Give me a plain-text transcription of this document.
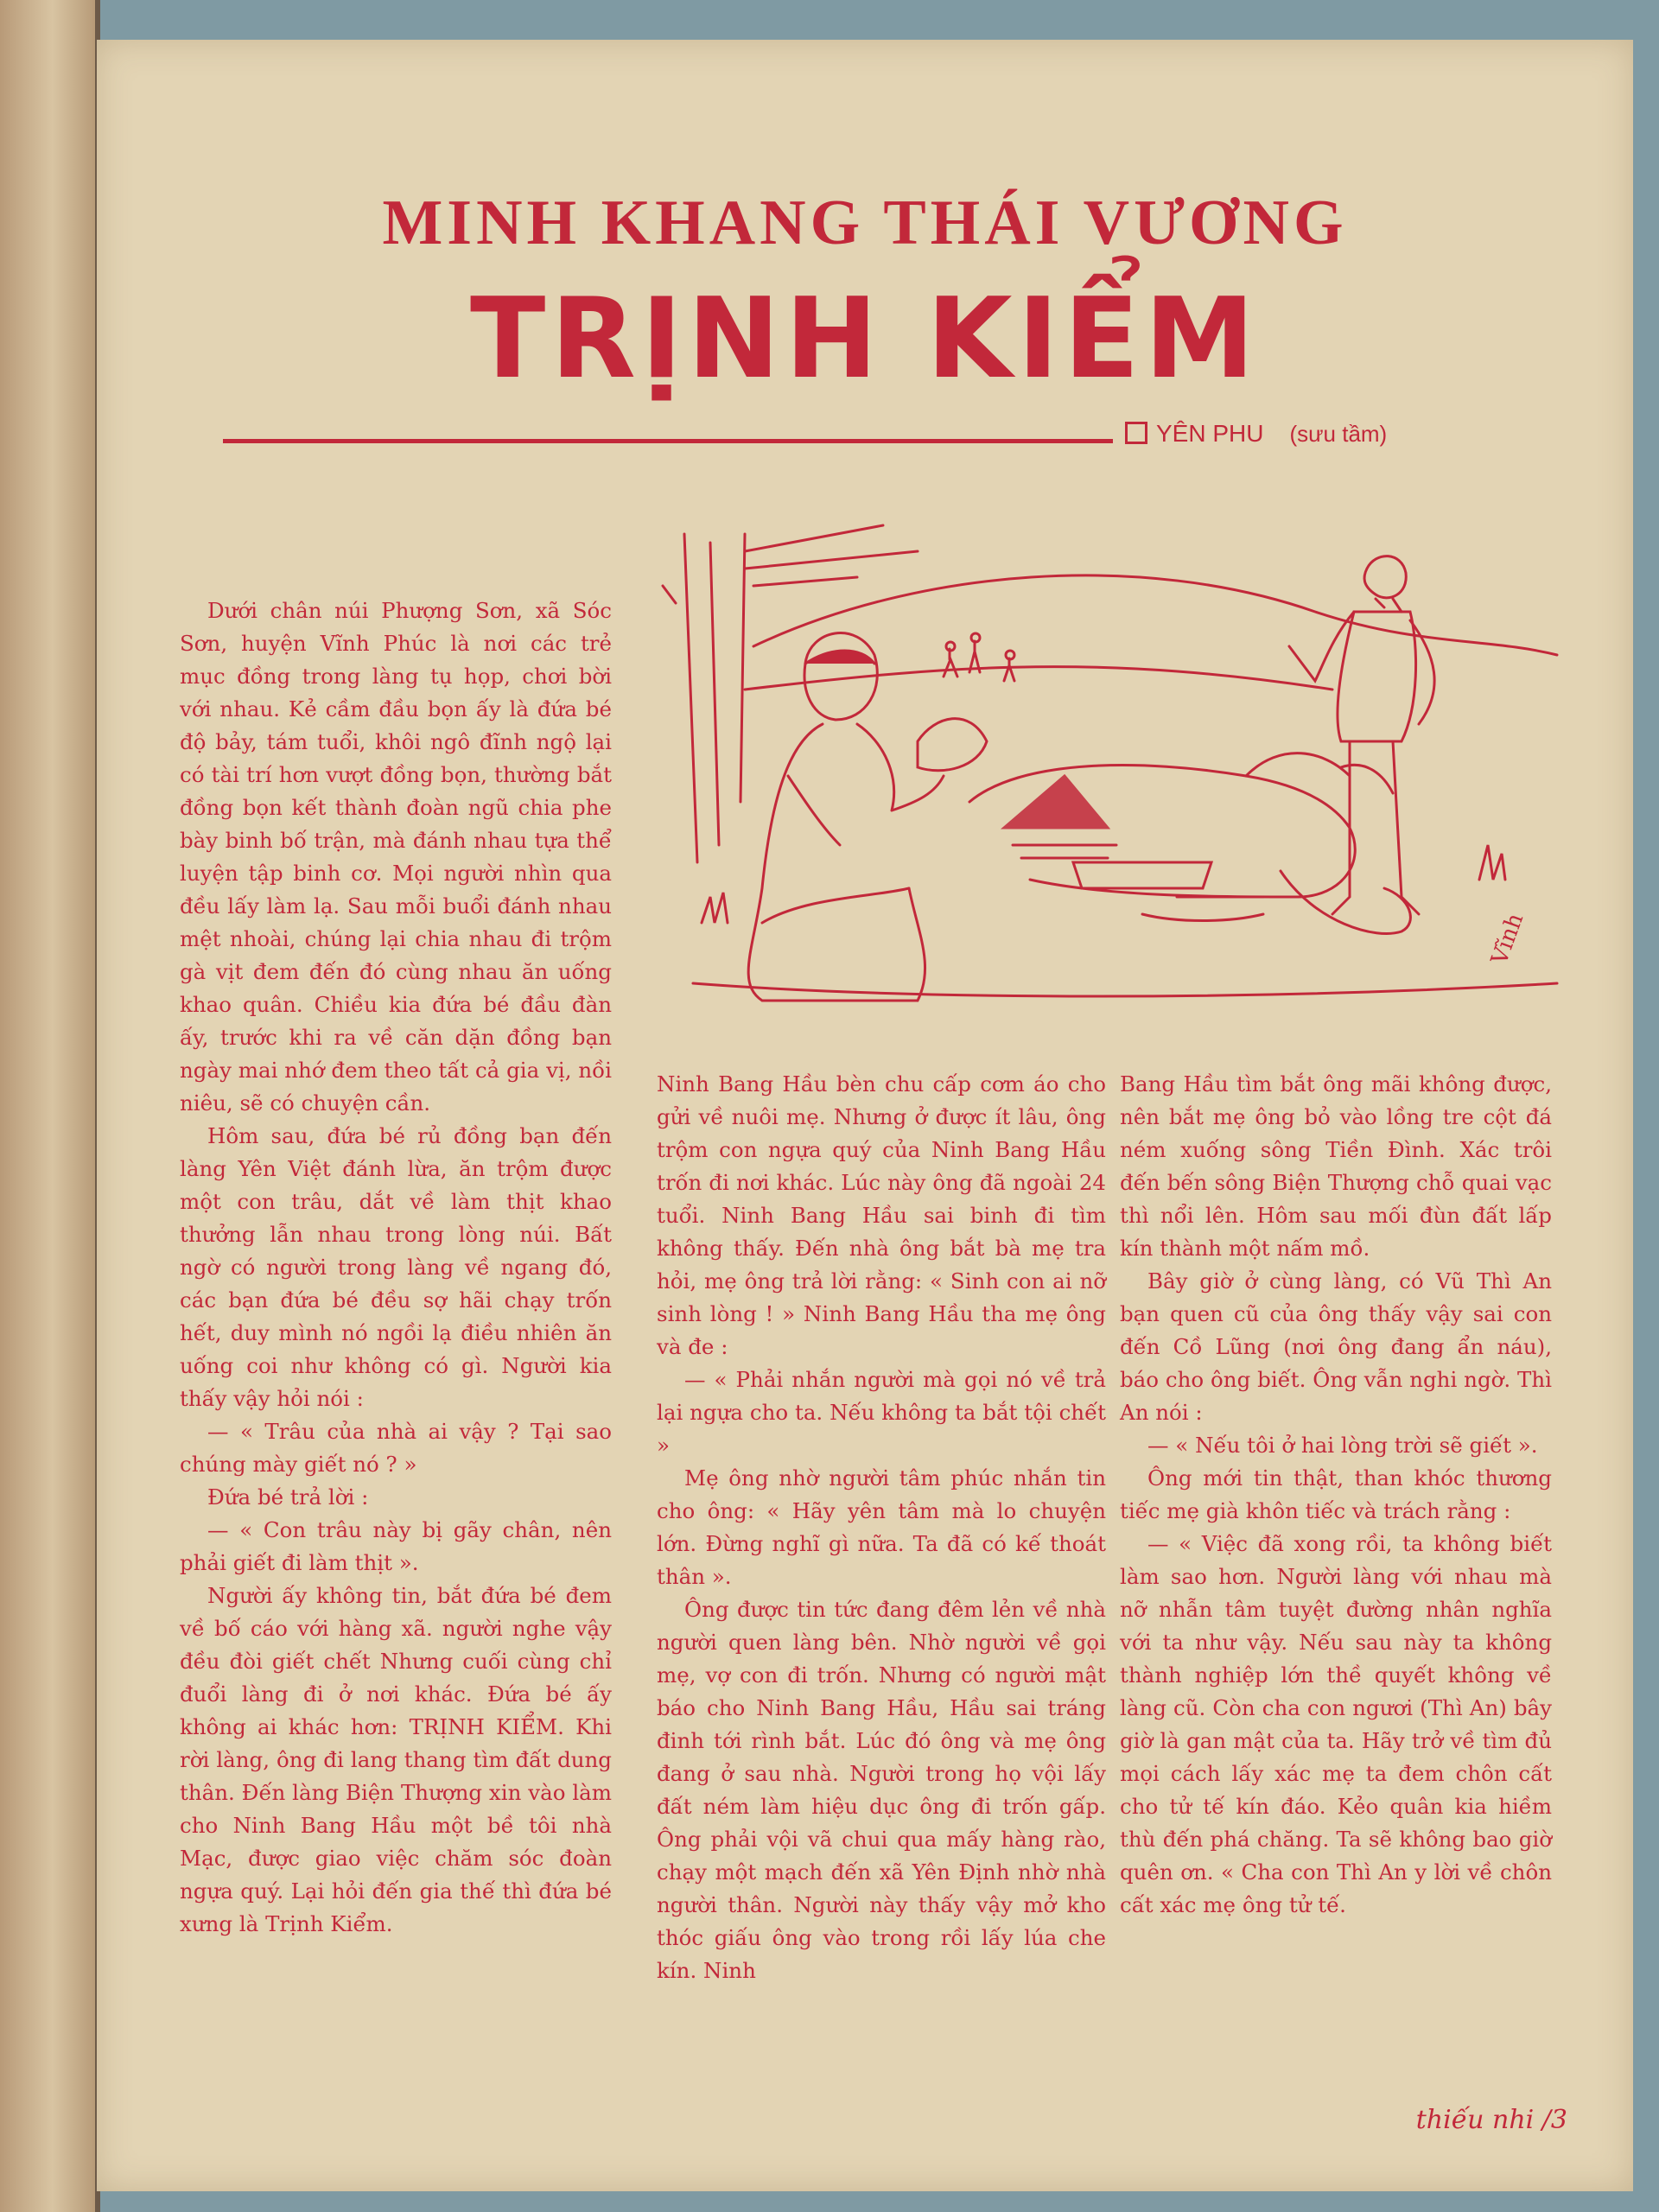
MINH KHANG THÁI VƯƠNG
TRỊNH KIỂM
YÊN PHU (sưu tầm)
Vĩnh

Dưới chân núi Phượng Sơn, xã Sóc Sơn, huyện Vĩnh Phúc là nơi các trẻ mục đồng trong làng tụ họp, chơi bời với nhau. Kẻ cầm đầu bọn ấy là đứa bé độ bảy, tám tuổi, khôi ngô đĩnh ngộ lại có tài trí hơn vượt đồng bọn, thường bắt đồng bọn kết thành đoàn ngũ chia phe bày binh bố trận, mà đánh nhau tựa thể luyện tập binh cơ. Mọi người nhìn qua đều lấy làm lạ. Sau mỗi buổi đánh nhau mệt nhoài, chúng lại chia nhau đi trộm gà vịt đem đến đó cùng nhau ăn uống khao quân. Chiều kia đứa bé đầu đàn ấy, trước khi ra về căn dặn đồng bạn ngày mai nhớ đem theo tất cả gia vị, nồi niêu, sẽ có chuyện cần.

Hôm sau, đứa bé rủ đồng bạn đến làng Yên Việt đánh lừa, ăn trộm được một con trâu, dắt về làm thịt khao thưởng lẫn nhau trong lòng núi. Bất ngờ có người trong làng về ngang đó, các bạn đứa bé đều sợ hãi chạy trốn hết, duy mình nó ngồi lạ điều nhiên ăn uống coi như không có gì. Người kia thấy vậy hỏi nói :

— « Trâu của nhà ai vậy ? Tại sao chúng mày giết nó ? »

Đứa bé trả lời :

— « Con trâu này bị gãy chân, nên phải giết đi làm thịt ».

Người ấy không tin, bắt đứa bé đem về bố cáo với hàng xã. người nghe vậy đều đòi giết chết Nhưng cuối cùng chỉ đuổi làng đi ở nơi khác. Đứa bé ấy không ai khác hơn: TRỊNH KIỂM. Khi rời làng, ông đi lang thang tìm đất dung thân. Đến làng Biện Thượng xin vào làm cho Ninh Bang Hầu một bề tôi nhà Mạc, được giao việc chăm sóc đoàn ngựa quý. Lại hỏi đến gia thế thì đứa bé xưng là Trịnh Kiểm.

Ninh Bang Hầu bèn chu cấp cơm áo cho gửi về nuôi mẹ. Nhưng ở được ít lâu, ông trộm con ngựa quý của Ninh Bang Hầu trốn đi nơi khác. Lúc này ông đã ngoài 24 tuổi. Ninh Bang Hầu sai binh đi tìm không thấy. Đến nhà ông bắt bà mẹ tra hỏi, mẹ ông trả lời rằng: « Sinh con ai nỡ sinh lòng ! » Ninh Bang Hầu tha mẹ ông và đe :

— « Phải nhắn người mà gọi nó về trả lại ngựa cho ta. Nếu không ta bắt tội chết »

Mẹ ông nhờ người tâm phúc nhắn tin cho ông: « Hãy yên tâm mà lo chuyện lớn. Đừng nghĩ gì nữa. Ta đã có kế thoát thân ».

Ông được tin tức đang đêm lẻn về nhà người quen làng bên. Nhờ người về gọi mẹ, vợ con đi trốn. Nhưng có người mật báo cho Ninh Bang Hầu, Hầu sai tráng đinh tới rình bắt. Lúc đó ông và mẹ ông đang ở sau nhà. Người trong họ vội lấy đất ném làm hiệu dục ông đi trốn gấp. Ông phải vội vã chui qua mấy hàng rào, chạy một mạch đến xã Yên Định nhờ nhà người thân. Người này thấy vậy mở kho thóc giấu ông vào trong rồi lấy lúa che kín. Ninh

Bang Hầu tìm bắt ông mãi không được, nên bắt mẹ ông bỏ vào lồng tre cột đá ném xuống sông Tiền Đình. Xác trôi đến bến sông Biện Thượng chỗ quai vạc thì nổi lên. Hôm sau mối đùn đất lấp kín thành một nấm mồ.

Bây giờ ở cùng làng, có Vũ Thì An bạn quen cũ của ông thấy vậy sai con đến Cồ Lũng (nơi ông đang ẩn náu), báo cho ông biết. Ông vẫn nghi ngờ. Thì An nói :

— « Nếu tôi ở hai lòng trời sẽ giết ».

Ông mới tin thật, than khóc thương tiếc mẹ già khôn tiếc và trách rằng :

— « Việc đã xong rồi, ta không biết làm sao hơn. Người làng với nhau mà nỡ nhẫn tâm tuyệt đường nhân nghĩa với ta như vậy. Nếu sau này ta không thành nghiệp lớn thề quyết không về làng cũ. Còn cha con ngươi (Thì An) bây giờ là gan mật của ta. Hãy trở về tìm đủ mọi cách lấy xác mẹ ta đem chôn cất cho tử tế kín đáo. Kẻo quân kia hiềm thù đến phá chăng. Ta sẽ không bao giờ quên ơn. « Cha con Thì An y lời về chôn cất xác mẹ ông tử tế.

thiếu nhi /3
